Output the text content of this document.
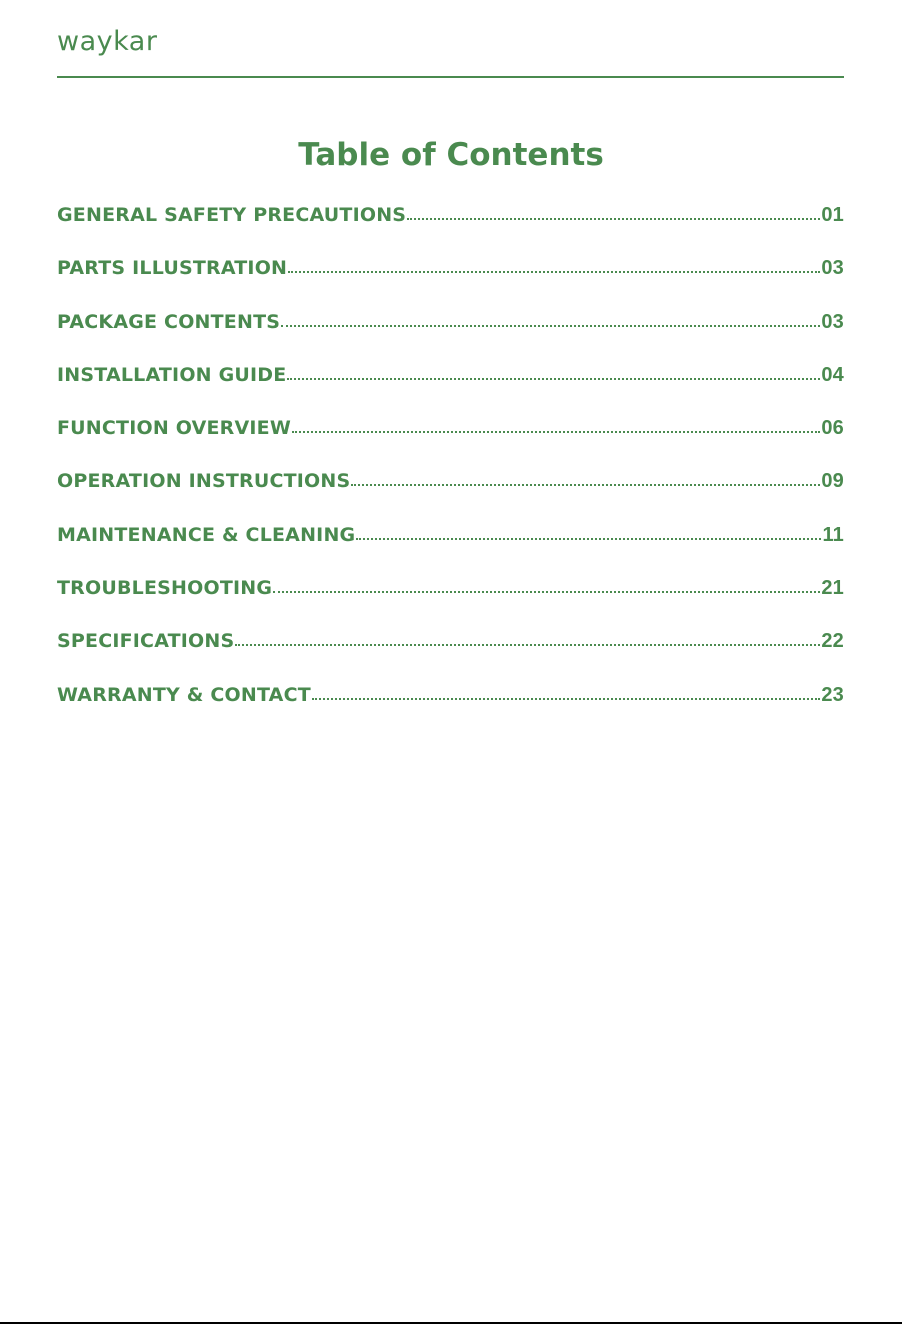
waykar
Table of Contents
GENERAL SAFETY PRECAUTIONS	01
PARTS ILLUSTRATION	03
PACKAGE CONTENTS	03
INSTALLATION GUIDE	04
FUNCTION OVERVIEW	06
OPERATION INSTRUCTIONS	09
MAINTENANCE & CLEANING	11
TROUBLESHOOTING	21
SPECIFICATIONS	22
WARRANTY & CONTACT	23
